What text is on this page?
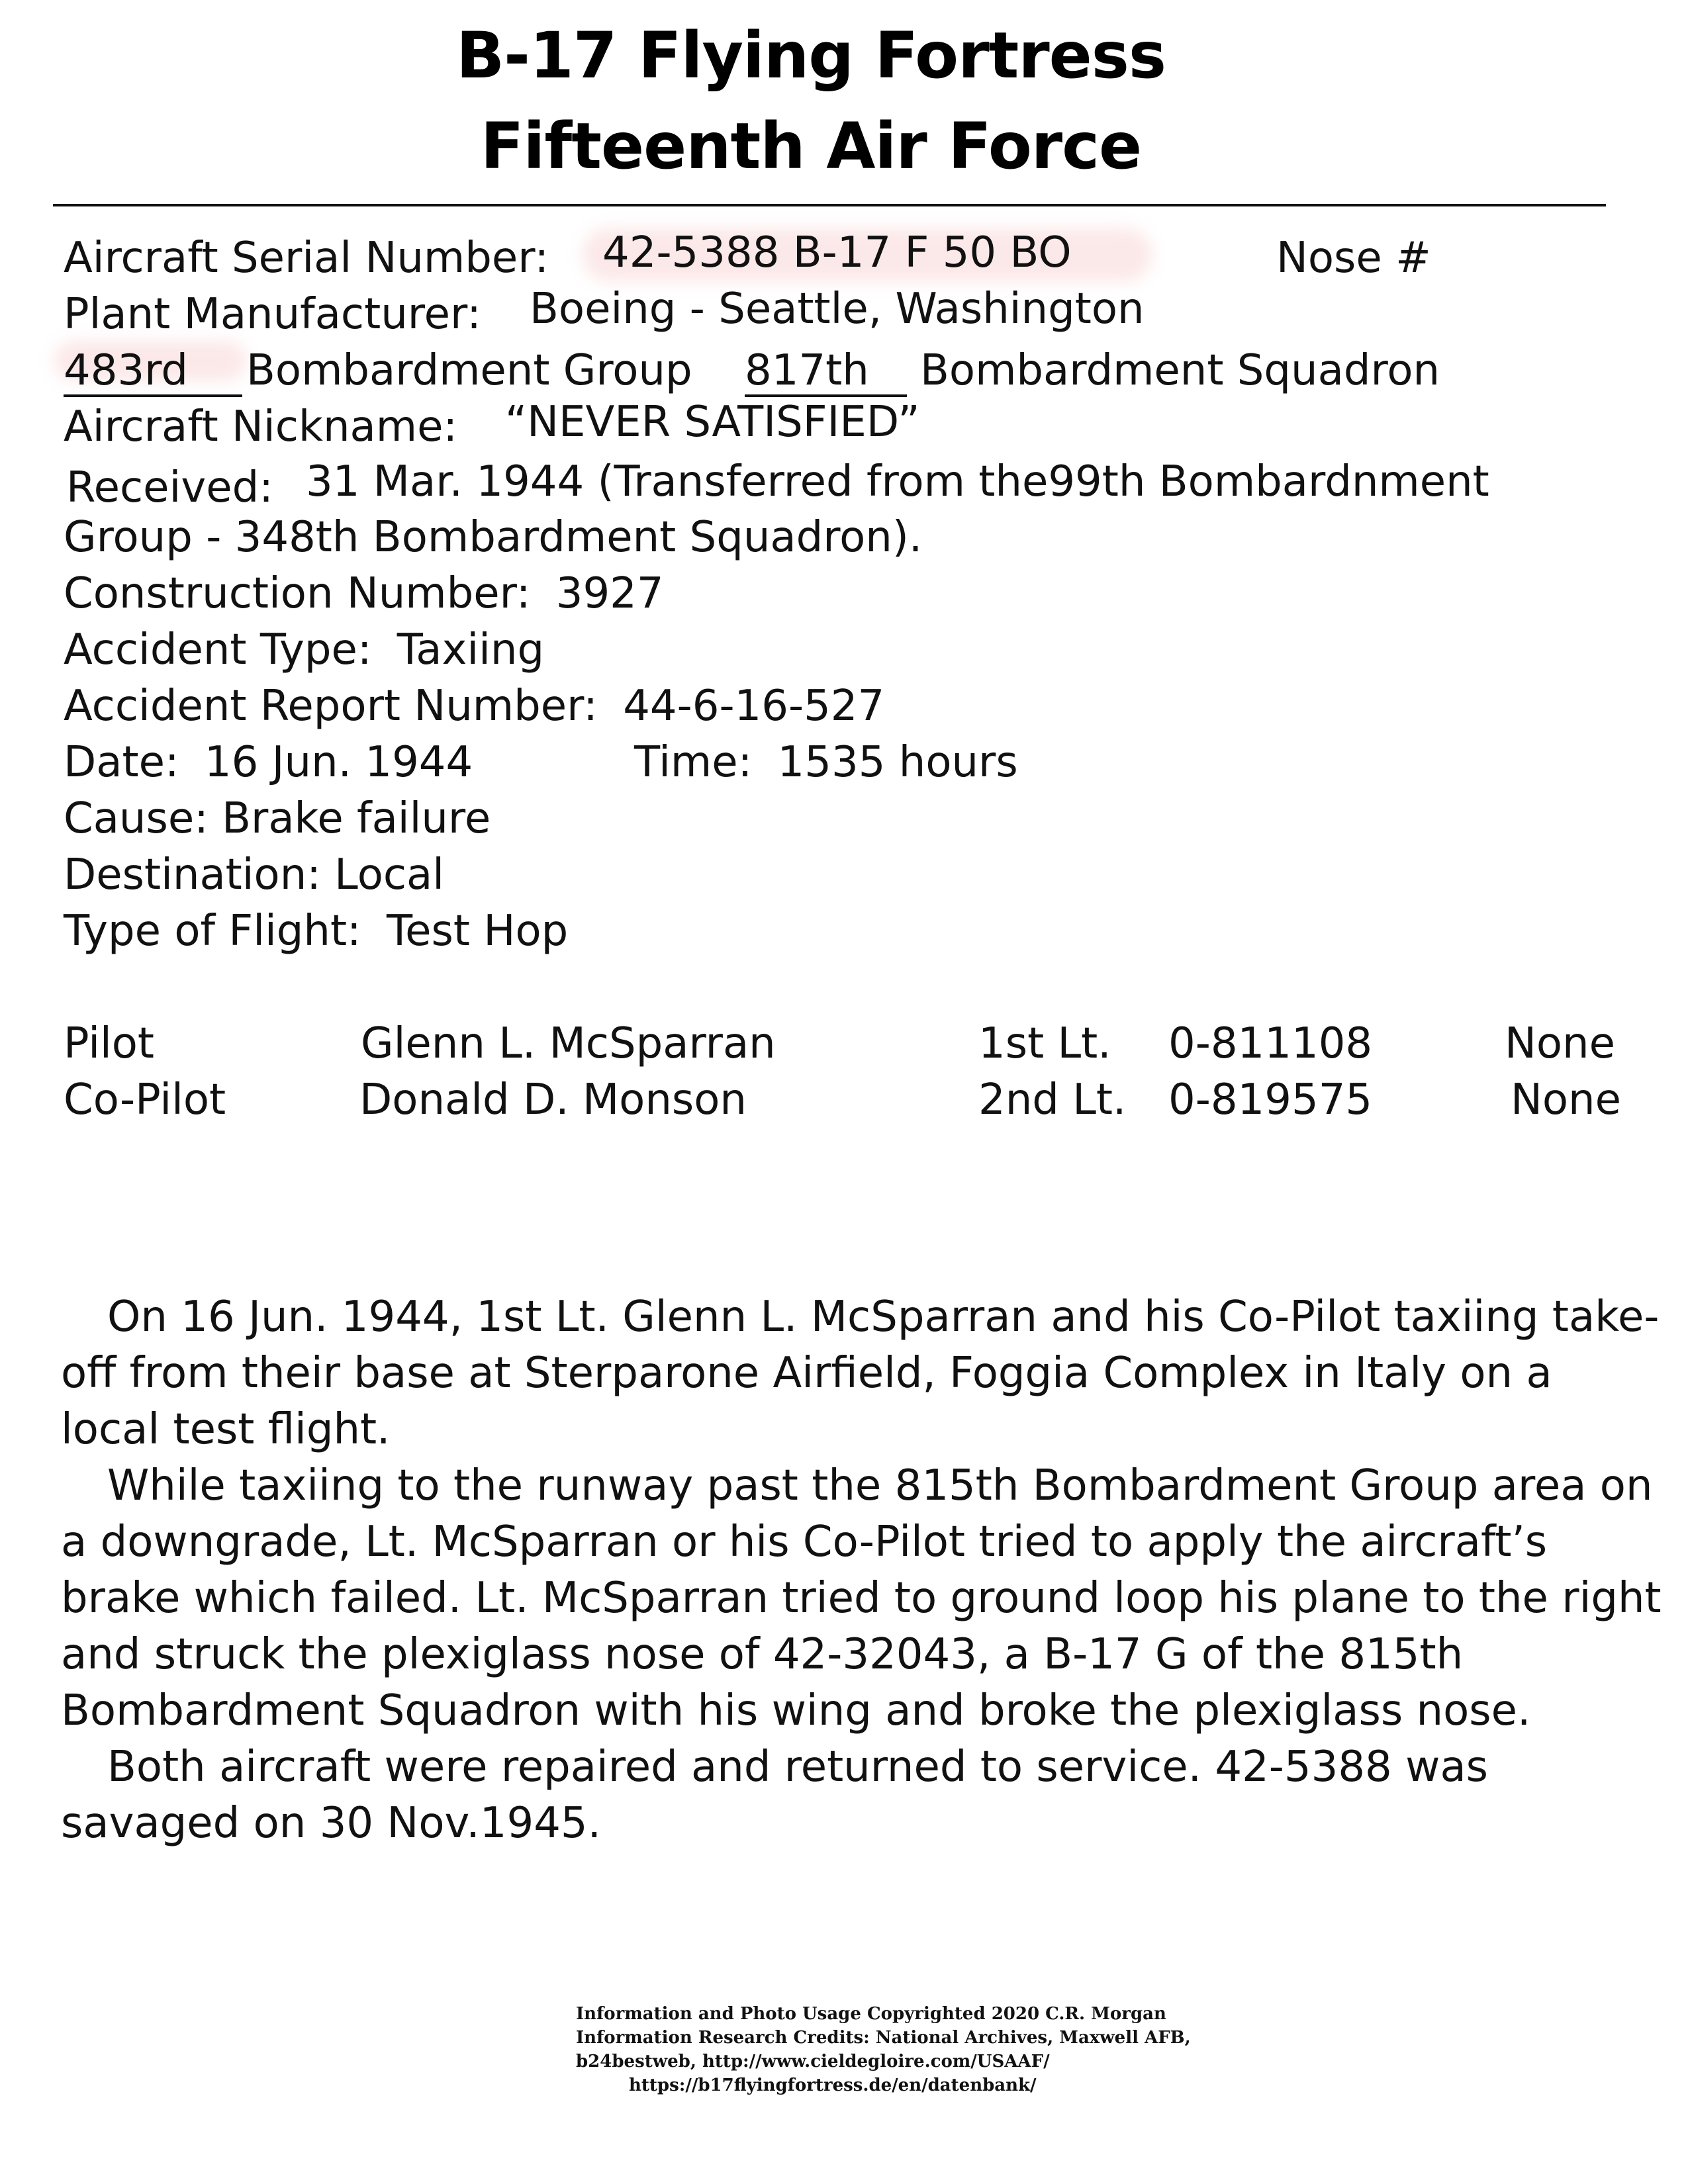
B-17 Flying Fortress
Fifteenth Air Force
Aircraft Serial Number: 42-5388 B-17 F 50 BO	Nose #
Plant Manufacturer: Boeing - Seattle, Washington
483rd Bombardment Group 817th Bombardment Squadron
Aircraft Nickname: “NEVER SATISFIED”
Received: 31 Mar. 1944 (Transferred from the99th Bombardnment
Group - 348th Bombardment Squadron).
Construction Number: 3927
Accident Type: Taxiing
Accident Report Number: 44-6-16-527
Date: 16 Jun. 1944	Time: 1535 hours
Cause: Brake failure
Destination: Local
Type of Flight: Test Hop
Pilot	Glenn L. McSparran	1st Lt. 0-811108	None
Co-Pilot	Donald D. Monson	2nd Lt. 0-819575	None

On 16 Jun. 1944, 1st Lt. Glenn L. McSparran and his Co-Pilot taxiing take-off from their base at Sterparone Airfield, Foggia Complex in Italy on a local test flight.

While taxiing to the runway past the 815th Bombardment Group area on a downgrade, Lt. McSparran or his Co-Pilot tried to apply the aircraft’s brake which failed. Lt. McSparran tried to ground loop his plane to the right and struck the plexiglass nose of 42-32043, a B-17 G of the 815th Bombardment Squadron with his wing and broke the plexiglass nose.

Both aircraft were repaired and returned to service. 42-5388 was savaged on 30 Nov.1945.

Information and Photo Usage Copyrighted 2020 C.R. Morgan
Information Research Credits: National Archives, Maxwell AFB,
b24bestweb, http://www.cieldegloire.com/USAAF/
https://b17flyingfortress.de/en/datenbank/
